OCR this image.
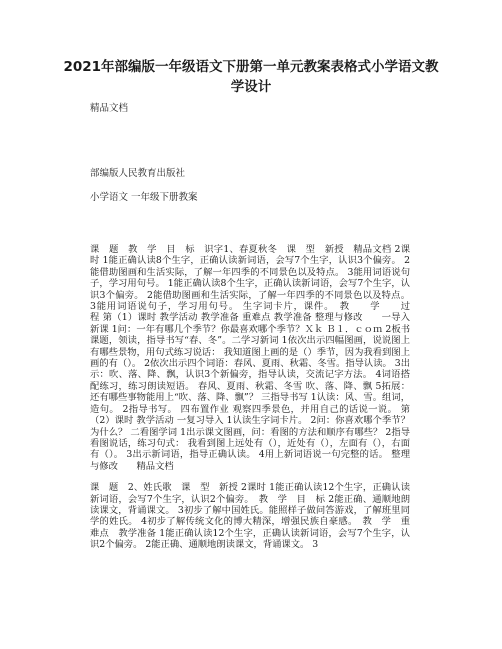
2021年部编版一年级语文下册第一单元教案表格式小学语文教学设计
精品文档
部编版人民教育出版社
小学语文 一年级下册教案

课　题　教　学　目　标　识字1、春夏秋冬　课　型　新授　精品文档 2课时 1能正确认读8个生字，正确认读新词语，会写7个生字，认识3个偏旁。 2能借助图画和生活实际，了解一年四季的不同景色以及特点。 3能用词语说句子，学习用句号。 1能正确认读8个生字，正确认读新词语，会写7个生字，认识3个偏旁。 2能借助图画和生活实际，了解一年四季的不同景色以及特点。 3能用词语说句子，学习用句号。 生字词卡片，课件。　教　　学　　过　　程 第（1）课时 教学活动 教学准备 重难点 教学准备 整理与修改　　一导入新课 1问：一年有哪几个季节？你最喜欢哪个季节？Ｘｋ Ｂ１．ｃｏｍ 2板书课题，领读，指导书写“春、冬”。二学习新词 1依次出示四幅图画，说说图上有哪些景物，用句式练习说话： 我知道图上画的是（）季节，因为我看到图上画的有（）。 2依次出示四个词语：春风、夏雨、秋霜、冬雪。指导认读。 3出示：吹、落、降、飘，认识3个新偏旁，指导认读，交流记字方法。 4词语搭配练习，练习朗读短语。 春风、夏雨、秋霜、冬雪 吹、落、降、飘 5拓展：还有哪些事物能用上“吹、落、降、飘”？ 三指导书写 1认读：风、雪。组词，造句。 2指导书写。 四布置作业 观察四季景色，并用自己的话说一说。 第（2）课时 教学活动 一复习导入 1认读生字词卡片。 2问：你喜欢哪个季节？为什么？ 二看图学词 1出示课文图画，问：看图的方法和顺序有哪些？ 2指导看图说话，练习句式： 我看到图上远处有（），近处有（），左面有（），右面有（）。 3出示新词语，指导正确认读。 4用上新词语说一句完整的话。 整理与修改　　精品文档

课　题　2、姓氏歌　课　型　新授 2课时 1能正确认读12个生字，正确认读新词语，会写7个生字，认识2个偏旁。　教　学　目　标 2能正确、通顺地朗读课文，背诵课文。 3初步了解中国姓氏。能照样子做问答游戏，了解班里同学的姓氏。 4初步了解传统文化的博大精深，增强民族自豪感。　教　学　重难点　教学准备 1能正确认读12个生字，正确认读新词语，会写7个生字，认识2个偏旁。 2能正确、通顺地朗读课文，背诵课文。 3
